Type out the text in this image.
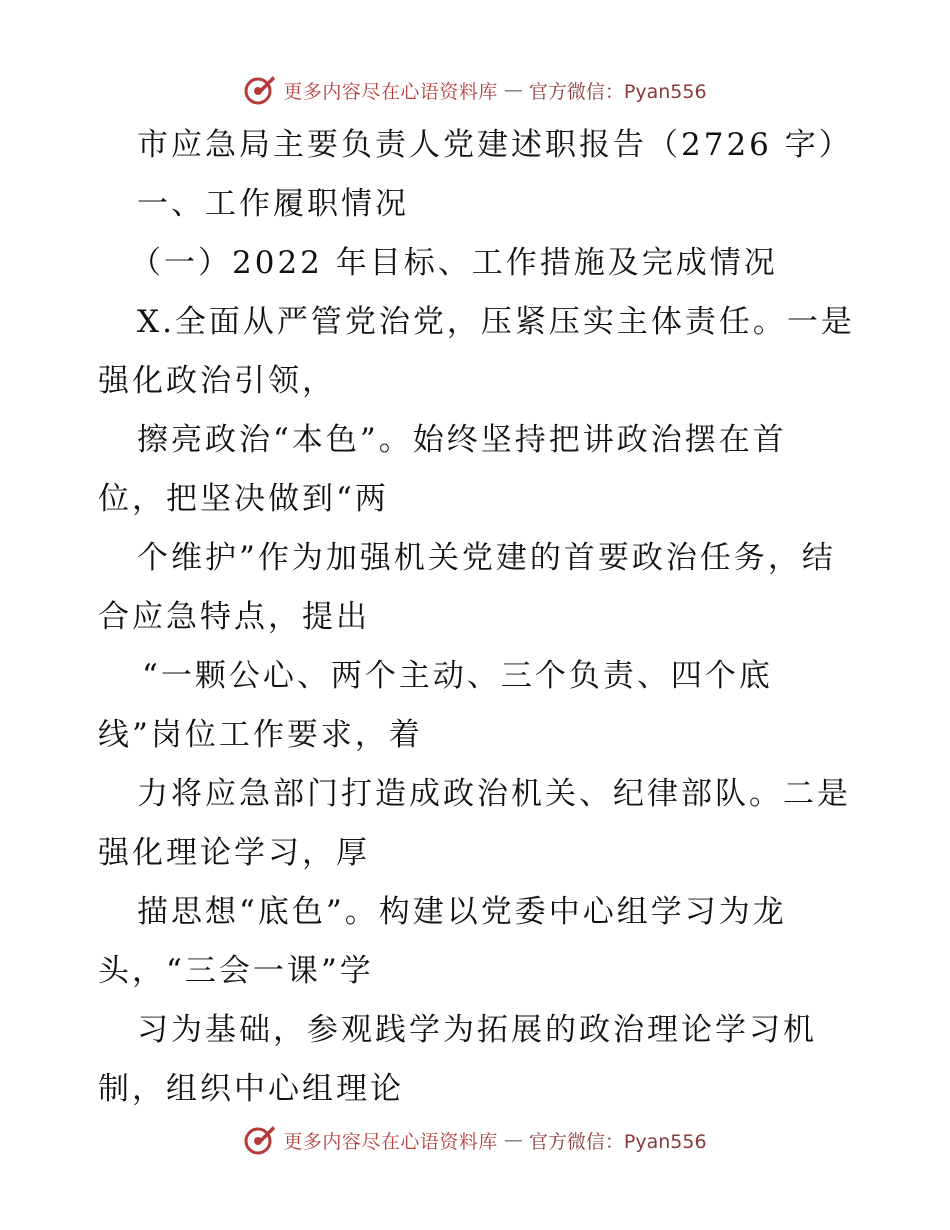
更多内容尽在心语资料库 — 官方微信：Pyan556
市应急局主要负责人党建述职报告（2726 字）
一、工作履职情况
（一）2022 年目标、工作措施及完成情况
X.全面从严管党治党，压紧压实主体责任。一是
强化政治引领，
擦亮政治“本色”。始终坚持把讲政治摆在首
位，把坚决做到“两
个维护”作为加强机关党建的首要政治任务，结
合应急特点，提出
“一颗公心、两个主动、三个负责、四个底
线”岗位工作要求，着
力将应急部门打造成政治机关、纪律部队。二是
强化理论学习，厚
描思想“底色”。构建以党委中心组学习为龙
头，“三会一课”学
习为基础，参观践学为拓展的政治理论学习机
制，组织中心组理论
更多内容尽在心语资料库 — 官方微信：Pyan556
